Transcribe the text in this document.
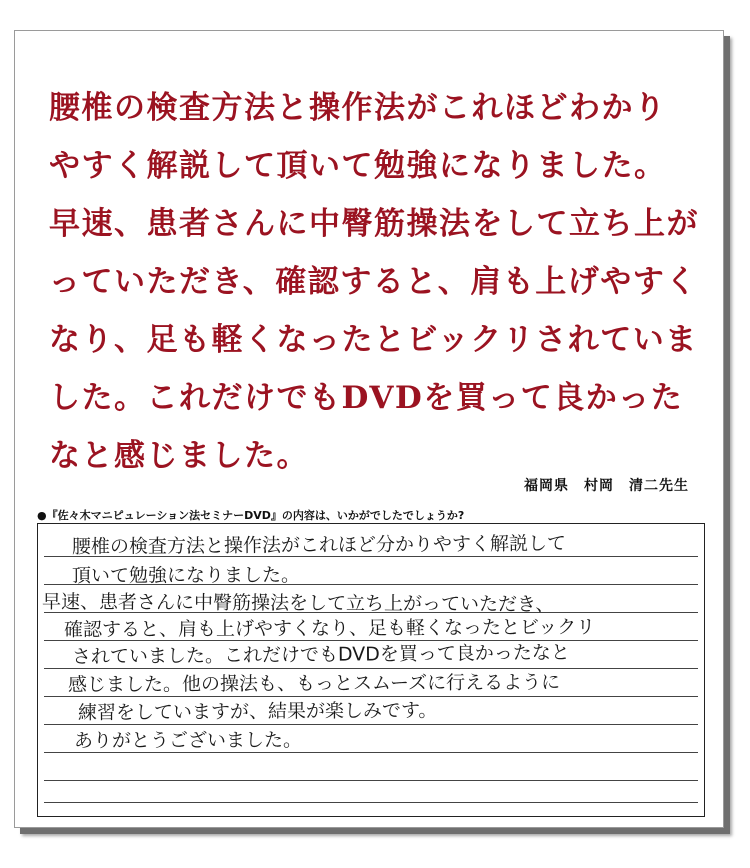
腰椎の検査方法と操作法がこれほどわかり
やすく解説して頂いて勉強になりました。
早速、患者さんに中臀筋操法をして立ち上が
っていただき、確認すると、肩も上げやすく
なり、足も軽くなったとビックリされていま
した。これだけでもDVDを買って良かった
なと感じました。
福岡県　村岡　清二先生
●『佐々木マニピュレーション法セミナーDVD』の内容は、いかがでしたでしょうか?
腰椎の検査方法と操作法がこれほど分かりやすく解説して
頂いて勉強になりました。
早速、患者さんに中臀筋操法をして立ち上がっていただき、
確認すると、肩も上げやすくなり、足も軽くなったとビックリ
されていました。これだけでもDVDを買って良かったなと
感じました。他の操法も、もっとスムーズに行えるように
練習をしていますが、結果が楽しみです。
ありがとうございました。
